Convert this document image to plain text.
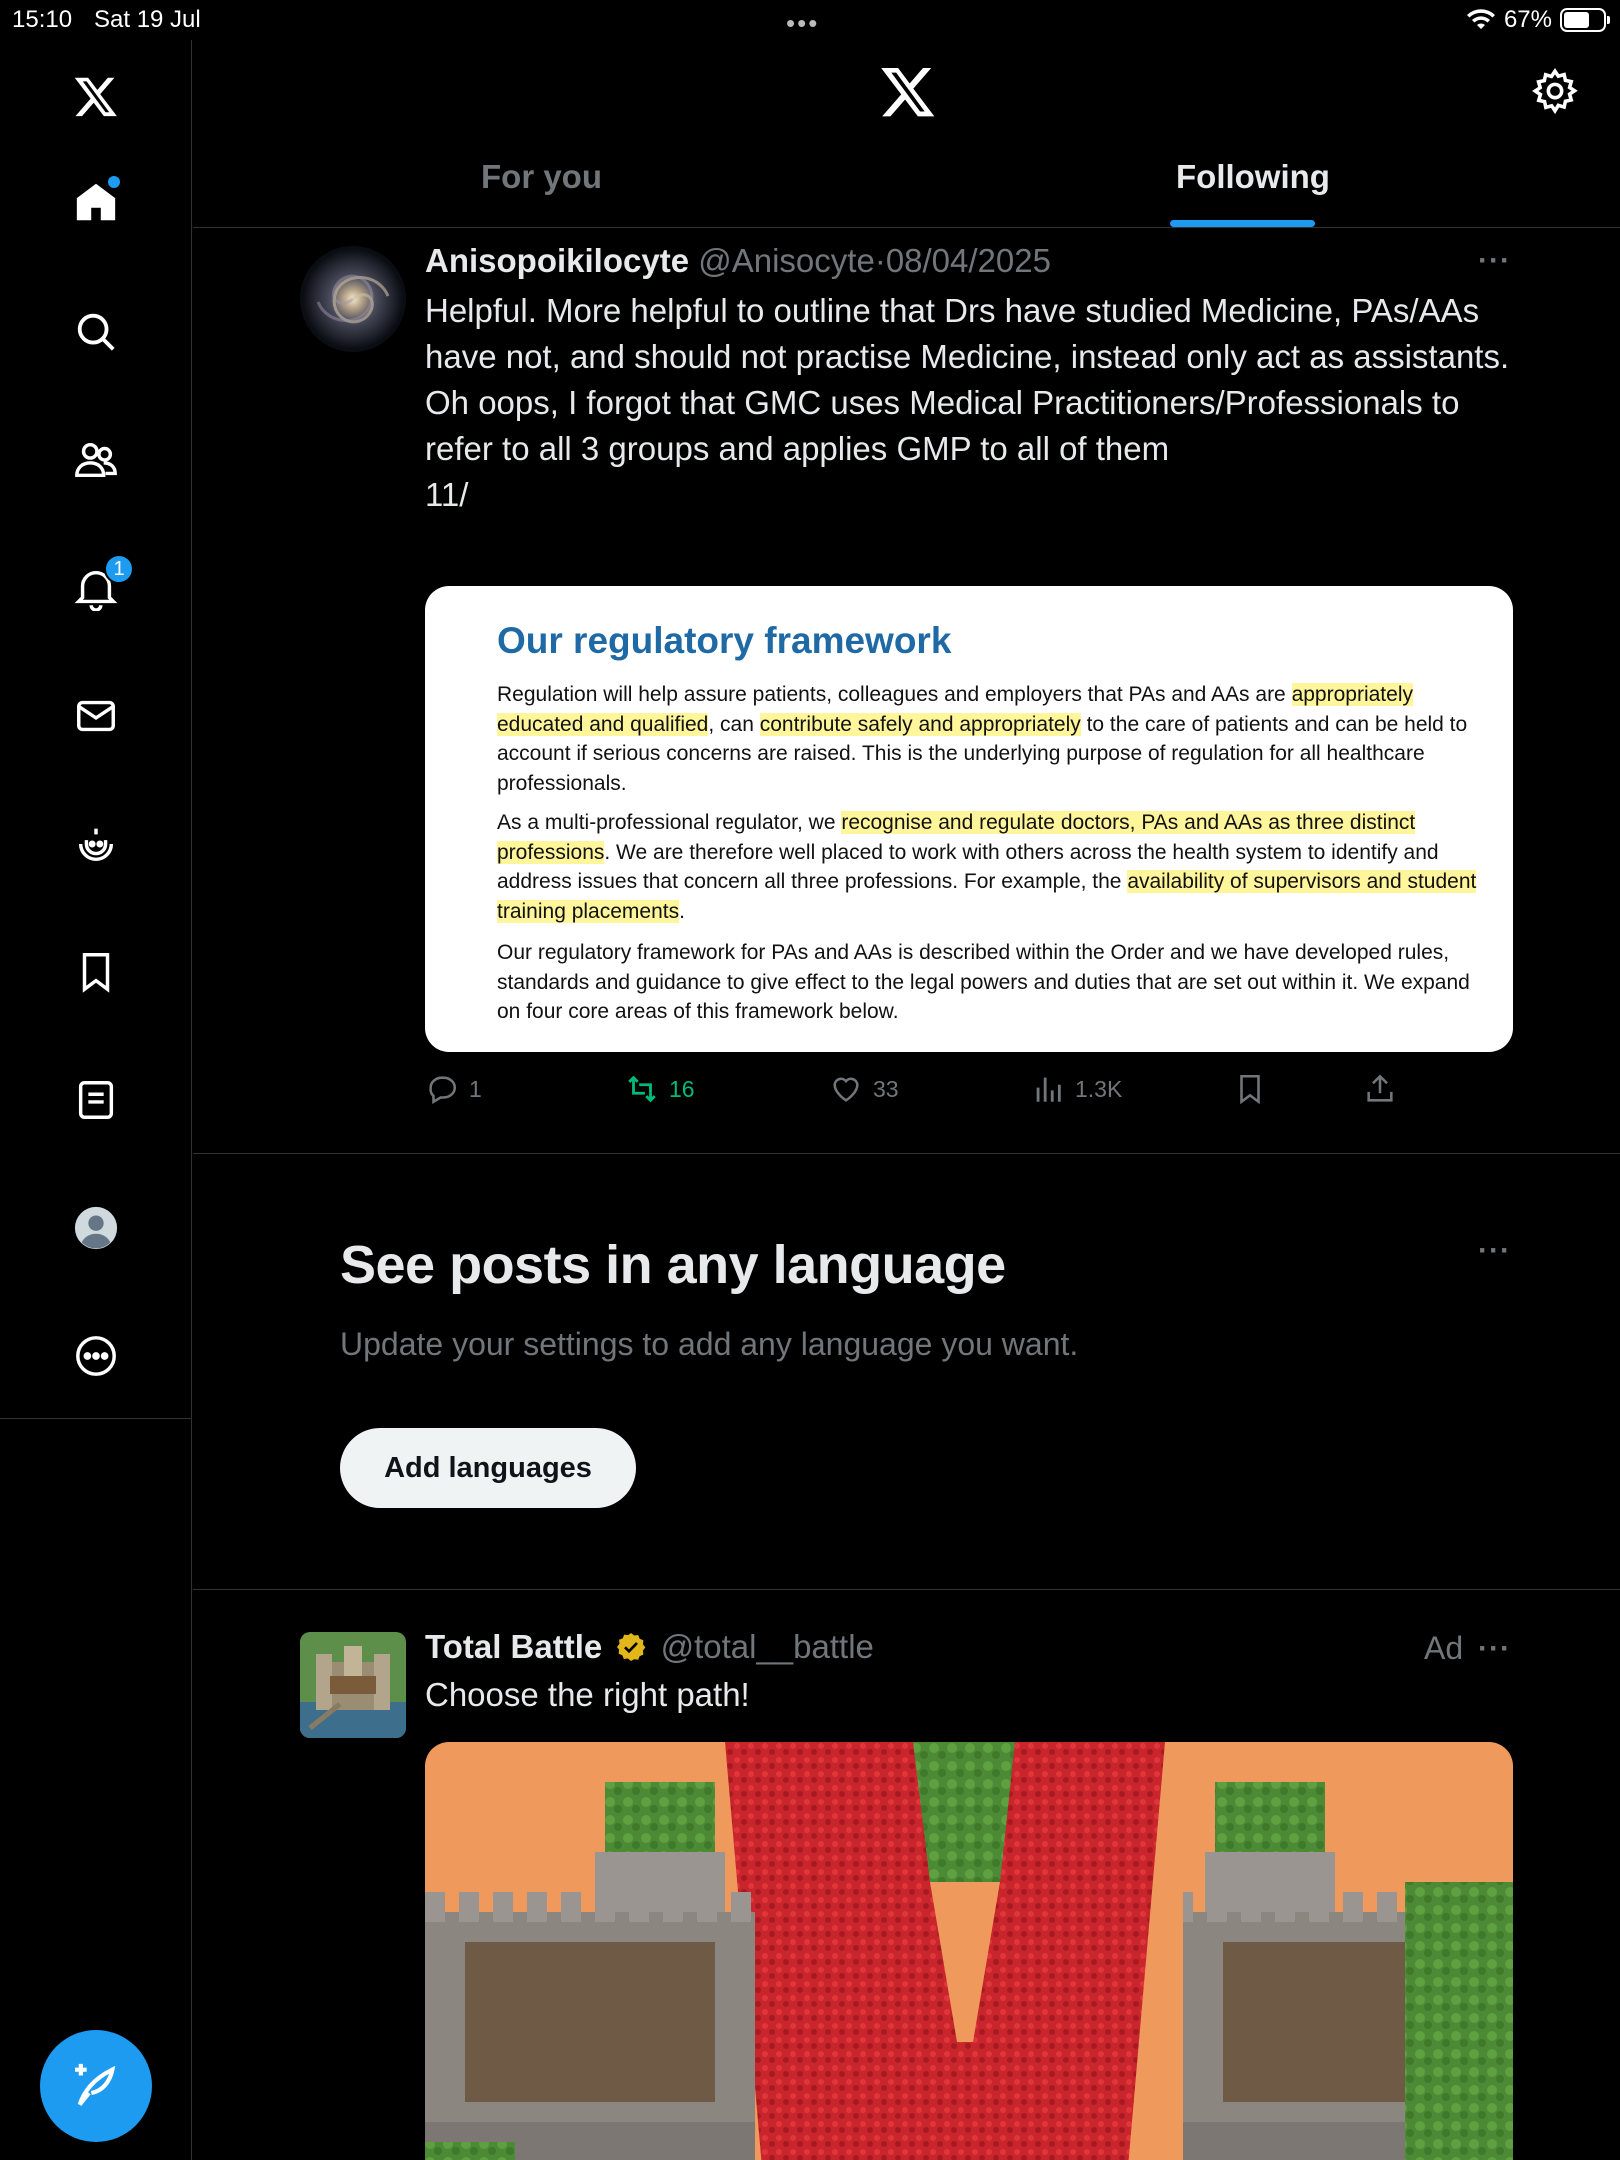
15:10 Sat 19 Jul	•••	67%
1
For you	Following
Anisopoikilocyte @Anisocyte·08/04/2025	···

Helpful. More helpful to outline that Drs have studied Medicine, PAs/AAs have not, and should not practise Medicine, instead only act as assistants.

Oh oops, I forgot that GMC uses Medical Practitioners/Professionals to refer to all 3 groups and applies GMP to all of them

11/

Our regulatory framework
Regulation will help assure patients, colleagues and employers that PAs and AAs are appropriately educated and qualified, can contribute safely and appropriately to the care of patients and can be held to account if serious concerns are raised. This is the underlying purpose of regulation for all healthcare professionals.
As a multi-professional regulator, we recognise and regulate doctors, PAs and AAs as three distinct professions. We are therefore well placed to work with others across the health system to identify and address issues that concern all three professions. For example, the availability of supervisors and student training placements.
Our regulatory framework for PAs and AAs is described within the Order and we have developed rules, standards and guidance to give effect to the legal powers and duties that are set out within it. We expand on four core areas of this framework below.
1	16	33	1.3K
···
See posts in any language
Update your settings to add any language you want.
Add languages
Total Battle @total__battle	Ad ···
Choose the right path!
